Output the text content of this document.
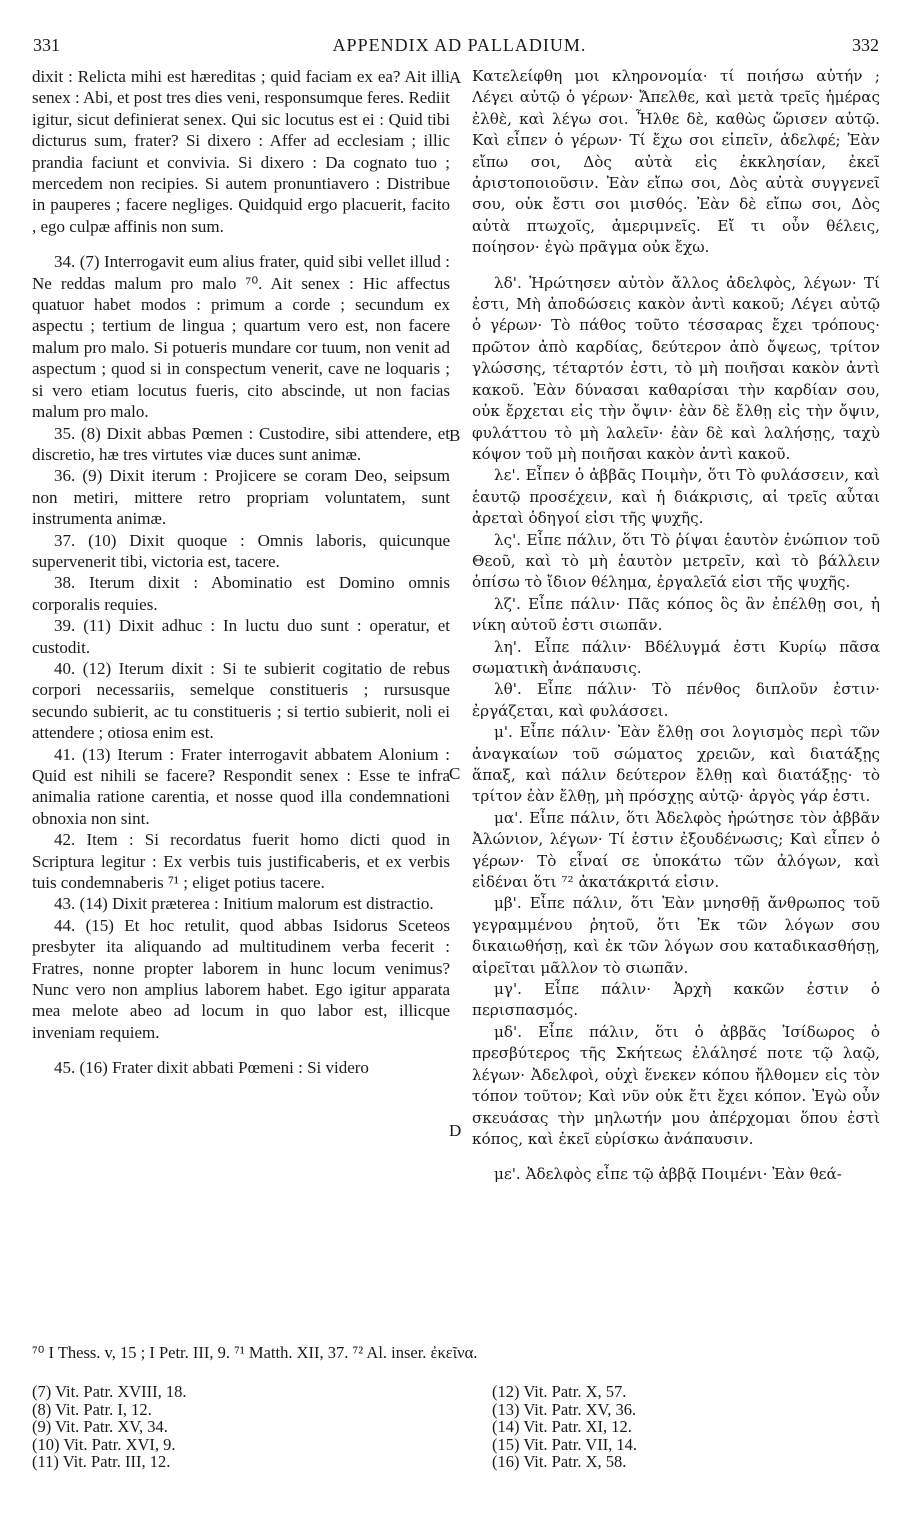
331	APPENDIX AD PALLADIUM.	332

dixit : Relicta mihi est hæreditas ; quid faciam ex ea? Ait illi senex : Abi, et post tres dies veni, responsumque feres. Rediit igitur, sicut definierat senex. Qui sic locutus est ei : Quid tibi dicturus sum, frater? Si dixero : Affer ad ecclesiam ; illic prandia faciunt et convivia. Si dixero : Da cognato tuo ; mercedem non recipies. Si autem pronuntiavero : Distribue in pauperes ; facere negliges. Quidquid ergo placuerit, facito , ego culpæ affinis non sum.

34. (7) Interrogavit eum alius frater, quid sibi vellet illud : Ne reddas malum pro malo ⁷⁰. Ait senex : Hic affectus quatuor habet modos : primum a corde ; secundum ex aspectu ; tertium de lingua ; quartum vero est, non facere malum pro malo. Si potueris mundare cor tuum, non venit ad aspectum ; quod si in conspectum venerit, cave ne loquaris ; si vero etiam locutus fueris, cito abscinde, ut non facias malum pro malo.

35. (8) Dixit abbas Pœmen : Custodire, sibi attendere, et discretio, hæ tres virtutes viæ duces sunt animæ.

36. (9) Dixit iterum : Projicere se coram Deo, seipsum non metiri, mittere retro propriam voluntatem, sunt instrumenta animæ.

37. (10) Dixit quoque : Omnis laboris, quicunque supervenerit tibi, victoria est, tacere.

38. Iterum dixit : Abominatio est Domino omnis corporalis requies.

39. (11) Dixit adhuc : In luctu duo sunt : operatur, et custodit.

40. (12) Iterum dixit : Si te subierit cogitatio de rebus corpori necessariis, semelque constitueris ; rursusque secundo subierit, ac tu constitueris ; si tertio subierit, noli ei attendere ; otiosa enim est.

41. (13) Iterum : Frater interrogavit abbatem Alonium : Quid est nihili se facere? Respondit senex : Esse te infra animalia ratione carentia, et nosse quod illa condemnationi obnoxia non sint.

42. Item : Si recordatus fuerit homo dicti quod in Scriptura legitur : Ex verbis tuis justificaberis, et ex verbis tuis condemnaberis ⁷¹ ; eliget potius tacere.

43. (14) Dixit præterea : Initium malorum est distractio.

44. (15) Et hoc retulit, quod abbas Isidorus Sceteos presbyter ita aliquando ad multitudinem verba fecerit : Fratres, nonne propter laborem in hunc locum venimus? Nunc vero non amplius laborem habet. Ego igitur apparata mea melote abeo ad locum in quo labor est, illicque inveniam requiem.

45. (16) Frater dixit abbati Pœmeni : Si videro

Κατελείφθη μοι κληρονομία· τί ποιήσω αὐτήν ; Λέγει αὐτῷ ὁ γέρων· Ἄπελθε, καὶ μετὰ τρεῖς ἡμέρας ἐλθὲ, καὶ λέγω σοι. Ἦλθε δὲ, καθὼς ὥρισεν αὐτῷ. Καὶ εἶπεν ὁ γέρων· Τί ἔχω σοι εἰπεῖν, ἀδελφέ; Ἐὰν εἴπω σοι, Δὸς αὐτὰ εἰς ἐκκλησίαν, ἐκεῖ ἀριστοποιοῦσιν. Ἐὰν εἴπω σοι, Δὸς αὐτὰ συγγενεῖ σου, οὐκ ἔστι σοι μισθός. Ἐὰν δὲ εἴπω σοι, Δὸς αὐτὰ πτωχοῖς, ἀμεριμνεῖς. Εἴ τι οὖν θέλεις, ποίησον· ἐγὼ πρᾶγμα οὐκ ἔχω.

λδ'. Ἠρώτησεν αὐτὸν ἄλλος ἀδελφὸς, λέγων· Τί ἐστι, Μὴ ἀποδώσεις κακὸν ἀντὶ κακοῦ; Λέγει αὐτῷ ὁ γέρων· Τὸ πάθος τοῦτο τέσσαρας ἔχει τρόπους· πρῶτον ἀπὸ καρδίας, δεύτερον ἀπὸ ὄψεως, τρίτον γλώσσης, τέταρτόν ἐστι, τὸ μὴ ποιῆσαι κακὸν ἀντὶ κακοῦ. Ἐὰν δύνασαι καθαρίσαι τὴν καρδίαν σου, οὐκ ἔρχεται εἰς τὴν ὄψιν· ἐὰν δὲ ἔλθῃ εἰς τὴν ὄψιν, φυλάττου τὸ μὴ λαλεῖν· ἐὰν δὲ καὶ λαλήσῃς, ταχὺ κόψον τοῦ μὴ ποιῆσαι κακὸν ἀντὶ κακοῦ.

λε'. Εἶπεν ὁ ἀββᾶς Ποιμὴν, ὅτι Τὸ φυλάσσειν, καὶ ἑαυτῷ προσέχειν, καὶ ἡ διάκρισις, αἱ τρεῖς αὗται ἀρεταὶ ὁδηγοί εἰσι τῆς ψυχῆς.

λς'. Εἶπε πάλιν, ὅτι Τὸ ῥίψαι ἑαυτὸν ἐνώπιον τοῦ Θεοῦ, καὶ τὸ μὴ ἑαυτὸν μετρεῖν, καὶ τὸ βάλλειν ὀπίσω τὸ ἴδιον θέλημα, ἐργαλεῖά εἰσι τῆς ψυχῆς.

λζ'. Εἶπε πάλιν· Πᾶς κόπος ὃς ἂν ἐπέλθῃ σοι, ἡ νίκη αὐτοῦ ἐστι σιωπᾶν.

λη'. Εἶπε πάλιν· Βδέλυγμά ἐστι Κυρίῳ πᾶσα σωματικὴ ἀνάπαυσις.

λθ'. Εἶπε πάλιν· Τὸ πένθος διπλοῦν ἐστιν· ἐργάζεται, καὶ φυλάσσει.

μ'. Εἶπε πάλιν· Ἐὰν ἔλθῃ σοι λογισμὸς περὶ τῶν ἀναγκαίων τοῦ σώματος χρειῶν, καὶ διατάξῃς ἅπαξ, καὶ πάλιν δεύτερον ἔλθῃ καὶ διατάξῃς· τὸ τρίτον ἐὰν ἔλθῃ, μὴ πρόσχῃς αὐτῷ· ἀργὸς γάρ ἐστι.

μα'. Εἶπε πάλιν, ὅτι Ἀδελφὸς ἠρώτησε τὸν ἀββᾶν Ἀλώνιον, λέγων· Τί ἐστιν ἐξουδένωσις; Καὶ εἶπεν ὁ γέρων· Τὸ εἶναί σε ὑποκάτω τῶν ἀλόγων, καὶ εἰδέναι ὅτι ⁷² ἀκατάκριτά εἰσιν.

μβ'. Εἶπε πάλιν, ὅτι Ἐὰν μνησθῇ ἄνθρωπος τοῦ γεγραμμένου ῥητοῦ, ὅτι Ἐκ τῶν λόγων σου δικαιωθήσῃ, καὶ ἐκ τῶν λόγων σου καταδικασθήσῃ, αἱρεῖται μᾶλλον τὸ σιωπᾶν.

μγ'. Εἶπε πάλιν· Ἀρχὴ κακῶν ἐστιν ὁ περισπασμός.

μδ'. Εἶπε πάλιν, ὅτι ὁ ἀββᾶς Ἰσίδωρος ὁ πρεσβύτερος τῆς Σκήτεως ἐλάλησέ ποτε τῷ λαῷ, λέγων· Ἀδελφοὶ, οὐχὶ ἕνεκεν κόπου ἤλθομεν εἰς τὸν τόπον τοῦτον; Καὶ νῦν οὐκ ἔτι ἔχει κόπον. Ἐγὼ οὖν σκευάσας τὴν μηλωτήν μου ἀπέρχομαι ὅπου ἐστὶ κόπος, καὶ ἐκεῖ εὑρίσκω ἀνάπαυσιν.

με'. Ἀδελφὸς εἶπε τῷ ἀββᾷ Ποιμένι· Ἐὰν θεά-

A
B
C
D
⁷⁰ I Thess. v, 15 ; I Petr. III, 9. ⁷¹ Matth. XII, 37. ⁷² Al. inser. ἐκεῖνα.
(7) Vit. Patr. XVIII, 18.
(8) Vit. Patr. I, 12.
(9) Vit. Patr. XV, 34.
(10) Vit. Patr. XVI, 9.
(11) Vit. Patr. III, 12.
(12) Vit. Patr. X, 57.
(13) Vit. Patr. XV, 36.
(14) Vit. Patr. XI, 12.
(15) Vit. Patr. VII, 14.
(16) Vit. Patr. X, 58.
